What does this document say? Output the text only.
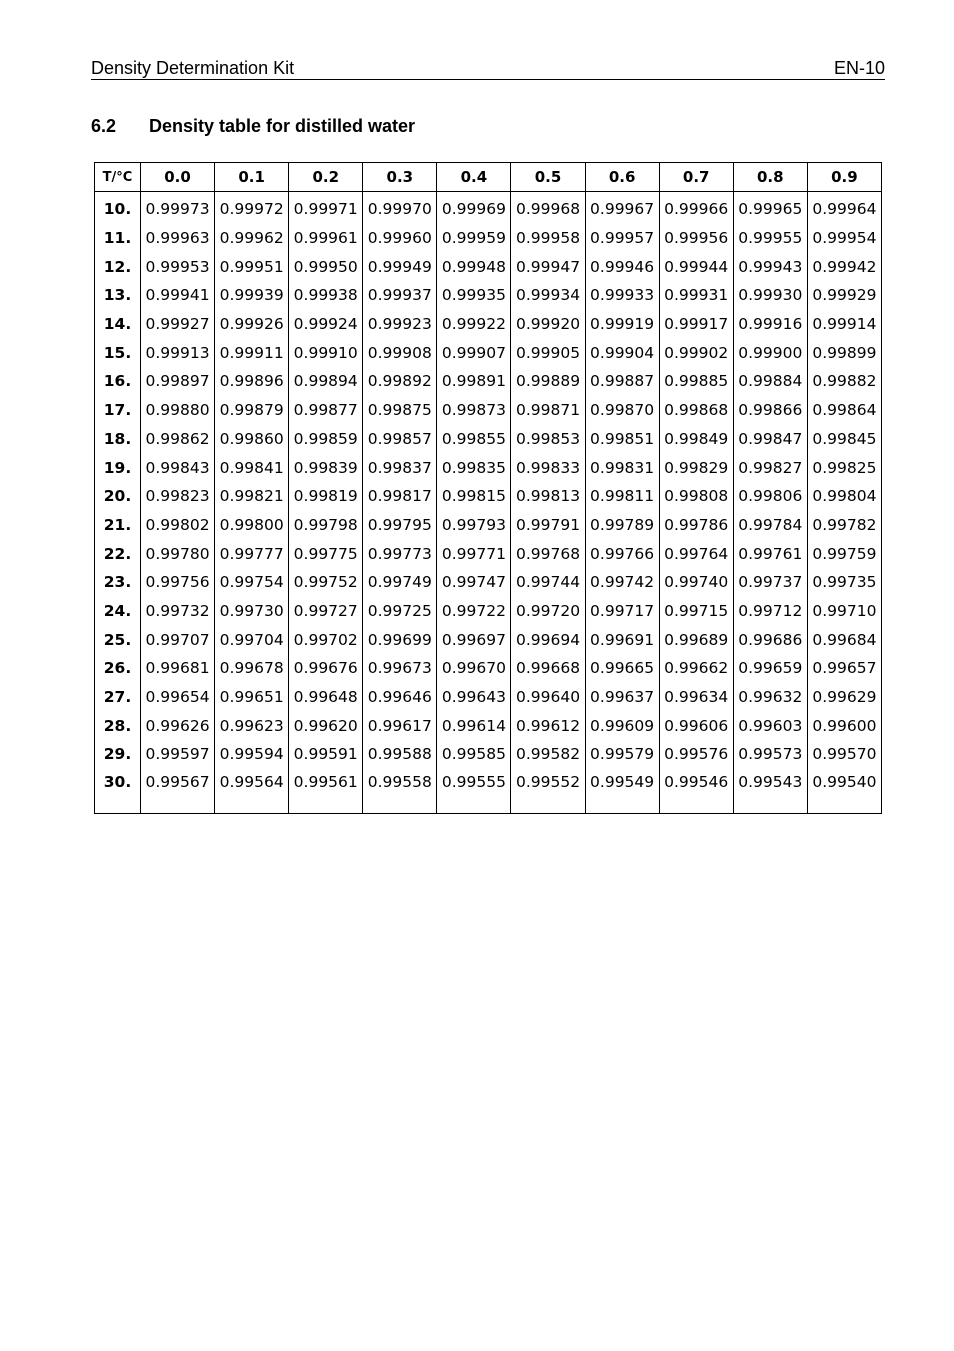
Density Determination Kit	EN-10
6.2 Density table for distilled water
T/°C	0.0	0.1	0.2	0.3	0.4	0.5	0.6	0.7	0.8	0.9
10.	0.99973	0.99972	0.99971	0.99970	0.99969	0.99968	0.99967	0.99966	0.99965	0.99964
11.	0.99963	0.99962	0.99961	0.99960	0.99959	0.99958	0.99957	0.99956	0.99955	0.99954
12.	0.99953	0.99951	0.99950	0.99949	0.99948	0.99947	0.99946	0.99944	0.99943	0.99942
13.	0.99941	0.99939	0.99938	0.99937	0.99935	0.99934	0.99933	0.99931	0.99930	0.99929
14.	0.99927	0.99926	0.99924	0.99923	0.99922	0.99920	0.99919	0.99917	0.99916	0.99914
15.	0.99913	0.99911	0.99910	0.99908	0.99907	0.99905	0.99904	0.99902	0.99900	0.99899
16.	0.99897	0.99896	0.99894	0.99892	0.99891	0.99889	0.99887	0.99885	0.99884	0.99882
17.	0.99880	0.99879	0.99877	0.99875	0.99873	0.99871	0.99870	0.99868	0.99866	0.99864
18.	0.99862	0.99860	0.99859	0.99857	0.99855	0.99853	0.99851	0.99849	0.99847	0.99845
19.	0.99843	0.99841	0.99839	0.99837	0.99835	0.99833	0.99831	0.99829	0.99827	0.99825
20.	0.99823	0.99821	0.99819	0.99817	0.99815	0.99813	0.99811	0.99808	0.99806	0.99804
21.	0.99802	0.99800	0.99798	0.99795	0.99793	0.99791	0.99789	0.99786	0.99784	0.99782
22.	0.99780	0.99777	0.99775	0.99773	0.99771	0.99768	0.99766	0.99764	0.99761	0.99759
23.	0.99756	0.99754	0.99752	0.99749	0.99747	0.99744	0.99742	0.99740	0.99737	0.99735
24.	0.99732	0.99730	0.99727	0.99725	0.99722	0.99720	0.99717	0.99715	0.99712	0.99710
25.	0.99707	0.99704	0.99702	0.99699	0.99697	0.99694	0.99691	0.99689	0.99686	0.99684
26.	0.99681	0.99678	0.99676	0.99673	0.99670	0.99668	0.99665	0.99662	0.99659	0.99657
27.	0.99654	0.99651	0.99648	0.99646	0.99643	0.99640	0.99637	0.99634	0.99632	0.99629
28.	0.99626	0.99623	0.99620	0.99617	0.99614	0.99612	0.99609	0.99606	0.99603	0.99600
29.	0.99597	0.99594	0.99591	0.99588	0.99585	0.99582	0.99579	0.99576	0.99573	0.99570
30.	0.99567	0.99564	0.99561	0.99558	0.99555	0.99552	0.99549	0.99546	0.99543	0.99540
